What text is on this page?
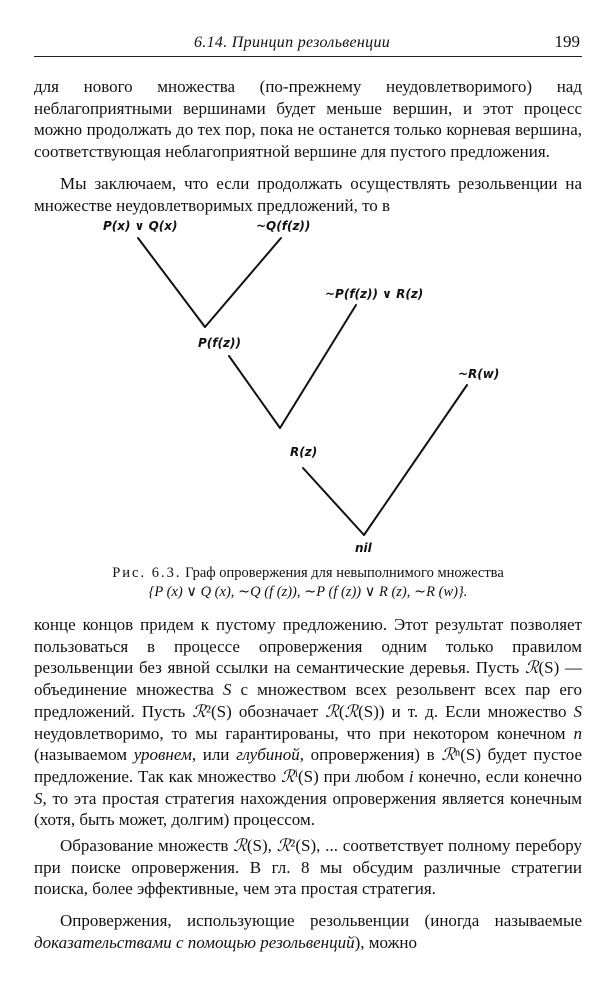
6.14. Принцип резольвенции	199

для нового множества (по-прежнему неудовлетворимого) над неблагоприятными вершинами будет меньше вершин, и этот процесс можно продолжать до тех пор, пока не останется только корневая вершина, соответствующая неблагоприятной вершине для пустого предложения.

Мы заключаем, что если продолжать осуществлять резольвенции на множестве неудовлетворимых предложений, то в

P(x) ∨ Q(x)	~Q(f(z))
~P(f(z)) ∨ R(z)
P(f(z))
~R(w)
R(z)
nil
Рис. 6.3. Граф опровержения для невыполнимого множества
{P (x) ∨ Q (x), ∼Q (f (z)), ∼P (f (z)) ∨ R (z), ∼R (w)}.

конце концов придем к пустому предложению. Этот результат позволяет пользоваться в процессе опровержения одним только правилом резольвенции без явной ссылки на семантические деревья. Пусть ℛ(S) — объединение множества S с множеством всех резольвент всех пар его предложений. Пусть ℛ²(S) обозначает ℛ(ℛ(S)) и т. д. Если множество S неудовлетворимо, то мы гарантированы, что при некотором конечном n (называемом уровнем, или глубиной, опровержения) в ℛⁿ(S) будет пустое предложение. Так как множество ℛⁱ(S) при любом i конечно, если конечно S, то эта простая стратегия нахождения опровержения является конечным (хотя, быть может, долгим) процессом.

Образование множеств ℛ(S), ℛ²(S), ... соответствует полному перебору при поиске опровержения. В гл. 8 мы обсудим различные стратегии поиска, более эффективные, чем эта простая стратегия.

Опровержения, использующие резольвенции (иногда называемые доказательствами с помощью резольвенций), можно
